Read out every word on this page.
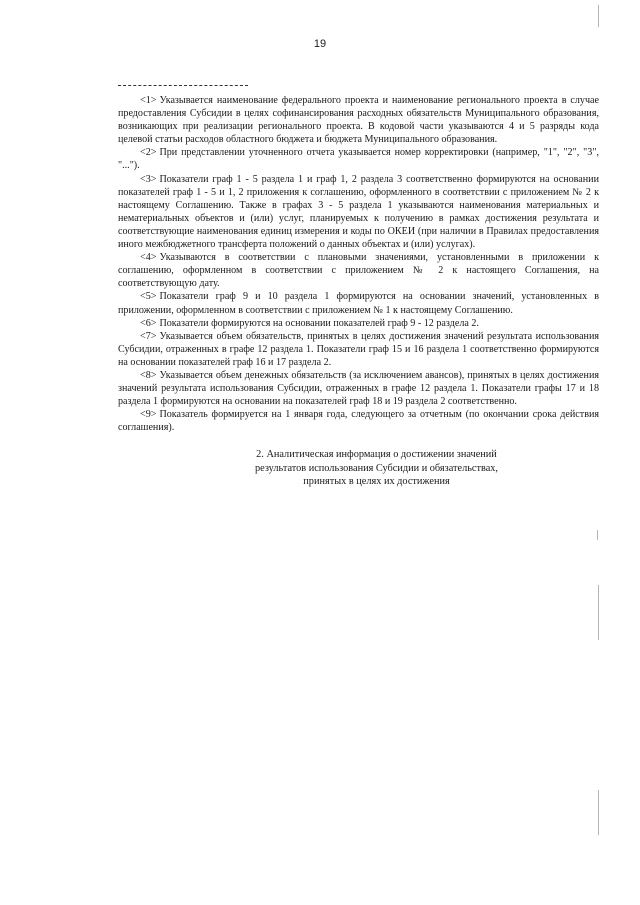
19

<1> Указывается наименование федерального проекта и наименование регионального проекта в случае предоставления Субсидии в целях софинансирования расходных обязательств Муниципального образования, возникающих при реализации регионального проекта. В кодовой части указываются 4 и 5 разряды кода целевой статьи расходов областного бюджета и бюджета Муниципального образования.

<2> При представлении уточненного отчета указывается номер корректировки (например, "1", "2", "3", "...").

<3> Показатели граф 1 - 5 раздела 1 и граф 1, 2 раздела 3 соответственно формируются на основании показателей граф 1 - 5 и 1, 2 приложения к соглашению, оформленного в соответствии с приложением № 2 к настоящему Соглашению. Также в графах 3 - 5 раздела 1 указываются наименования материальных и нематериальных объектов и (или) услуг, планируемых к получению в рамках достижения результата и соответствующие наименования единиц измерения и коды по ОКЕИ (при наличии в Правилах предоставления иного межбюджетного трансферта положений о данных объектах и (или) услугах).

<4> Указываются в соответствии с плановыми значениями, установленными в приложении к соглашению, оформленном в соответствии с приложением № 2 к настоящего Соглашения, на соответствующую дату.

<5> Показатели граф 9 и 10 раздела 1 формируются на основании значений, установленных в приложении, оформленном в соответствии с приложением № 1 к настоящему Соглашению.

<6> Показатели формируются на основании показателей граф 9 - 12 раздела 2.

<7> Указывается объем обязательств, принятых в целях достижения значений результата использования Субсидии, отраженных в графе 12 раздела 1. Показатели граф 15 и 16 раздела 1 соответственно формируются на основании показателей граф 16 и 17 раздела 2.

<8> Указывается объем денежных обязательств (за исключением авансов), принятых в целях достижения значений результата использования Субсидии, отраженных в графе 12 раздела 1. Показатели графы 17 и 18 раздела 1 формируются на основании на показателей граф 18 и 19 раздела 2 соответственно.

<9> Показатель формируется на 1 января года, следующего за отчетным (по окончании срока действия соглашения).

2. Аналитическая информация о достижении значений
результатов использования Субсидии и обязательствах,
принятых в целях их достижения
